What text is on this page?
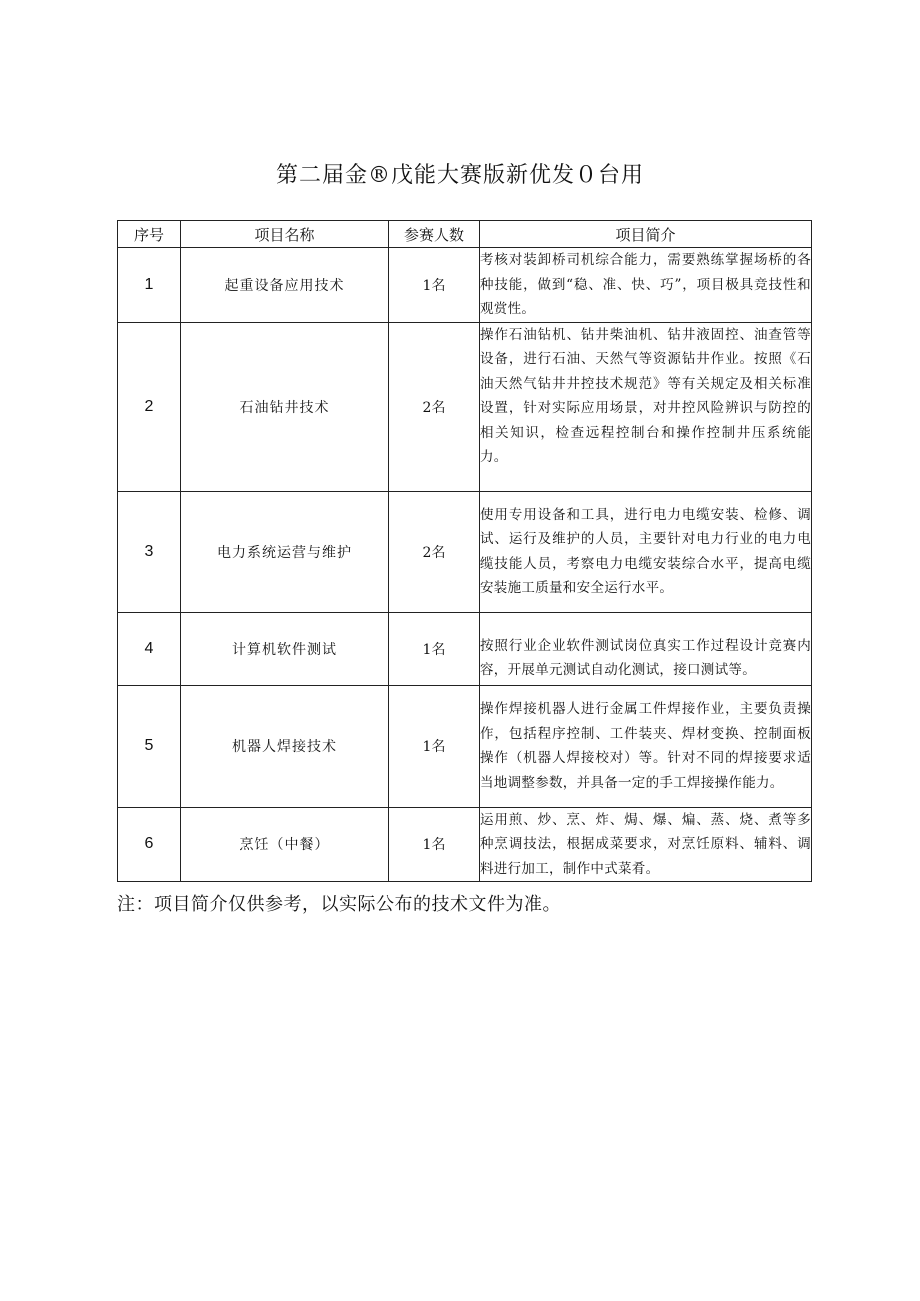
第二届金®戊能大赛版新优发０台用
序号	项目名称	参赛人数	项目简介
1	起重设备应用技术	1名	考核对装卸桥司机综合能力，需要熟练掌握场桥的各种技能，做到“稳、准、快、巧”，项目极具竞技性和观赏性。
2	石油钻井技术	2名	操作石油钻机、钻井柴油机、钻井液固控、油查管等设备，进行石油、天然气等资源钻井作业。按照《石油天然气钻井井控技术规范》等有关规定及相关标准设置，针对实际应用场景，对井控风险辨识与防控的相关知识，检查远程控制台和操作控制井压系统能力。
3	电力系统运营与维护	2名	使用专用设备和工具，进行电力电缆安装、检修、调试、运行及维护的人员，主要针对电力行业的电力电缆技能人员，考察电力电缆安装综合水平，提高电缆安装施工质量和安全运行水平。
4	计算机软件测试	1名	按照行业企业软件测试岗位真实工作过程设计竞赛内容，开展单元测试自动化测试，接口测试等。
5	机器人焊接技术	1名	操作焊接机器人进行金属工件焊接作业，主要负责操作，包括程序控制、工件装夹、焊材变换、控制面板操作（机器人焊接校对）等。针对不同的焊接要求适当地调整参数，并具备一定的手工焊接操作能力。
6	烹饪（中餐）	1名	运用煎、炒、烹、炸、焗、爆、煸、蒸、烧、煮等多种烹调技法，根据成菜要求，对烹饪原料、辅料、调料进行加工，制作中式菜肴。
注：项目简介仅供参考，以实际公布的技术文件为准。
